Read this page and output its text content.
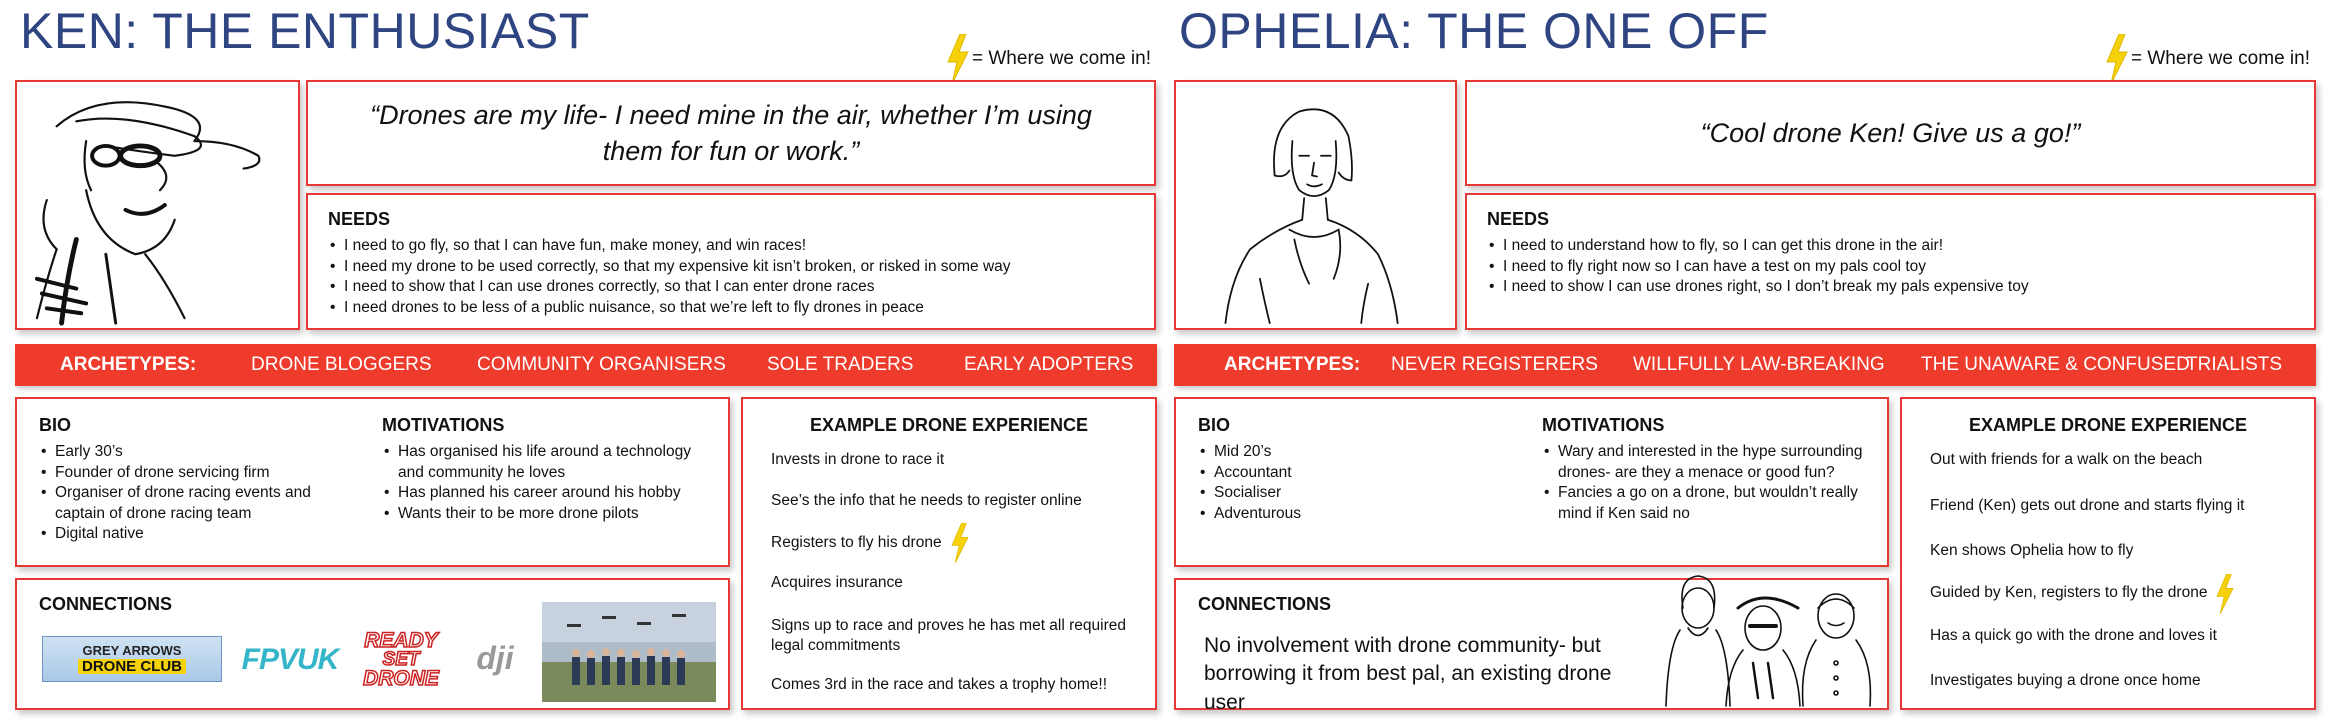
KEN: THE ENTHUSIAST	= Where we come in!

“Drones are my life- I need mine in the air, whether I’m using them for fun or work.”

NEEDS
• I need to go fly, so that I can have fun, make money, and win races!
• I need my drone to be used correctly, so that my expensive kit isn’t broken, or risked in some way
• I need to show that I can use drones correctly, so that I can enter drone races
• I need drones to be less of a public nuisance, so that we’re left to fly drones in peace
ARCHETYPES:	DRONE BLOGGERS COMMUNITY ORGANISERS SOLE TRADERS	EARLY ADOPTERS
BIO
• Early 30’s
• Founder of drone servicing firm
• Organiser of drone racing events and captain of drone racing team
• Digital native
MOTIVATIONS
• Has organised his life around a technology and community he loves
• Has planned his career around his hobby
• Wants their to be more drone pilots
CONNECTIONS
GREY ARROWS
DRONE CLUB FPVUK
READY
SET
DRONE
dji
EXAMPLE DRONE EXPERIENCE
Invests in drone to race it
See’s the info that he needs to register online
Registers to fly his drone
Acquires insurance
Signs up to race and proves he has met all required legal commitments
Comes 3rd in the race and takes a trophy home!!
OPHELIA: THE ONE OFF	= Where we come in!

“Cool drone Ken! Give us a go!”

NEEDS
• I need to understand how to fly, so I can get this drone in the air!
• I need to fly right now so I can have a test on my pals cool toy
• I need to show I can use drones right, so I don’t break my pals expensive toy
ARCHETYPES: NEVER REGISTERERS WILLFULLY LAW-BREAKING THE UNAWARE & CONFUSED
TRIALISTS
BIO
• Mid 20’s
• Accountant
• Socialiser
• Adventurous
MOTIVATIONS
• Wary and interested in the hype surrounding drones- are they a menace or good fun?
• Fancies a go on a drone, but wouldn’t really mind if Ken said no
CONNECTIONS

No involvement with drone community- but borrowing it from best pal, an existing drone user

EXAMPLE DRONE EXPERIENCE
Out with friends for a walk on the beach
Friend (Ken) gets out drone and starts flying it
Ken shows Ophelia how to fly
Guided by Ken, registers to fly the drone
Has a quick go with the drone and loves it
Investigates buying a drone once home
